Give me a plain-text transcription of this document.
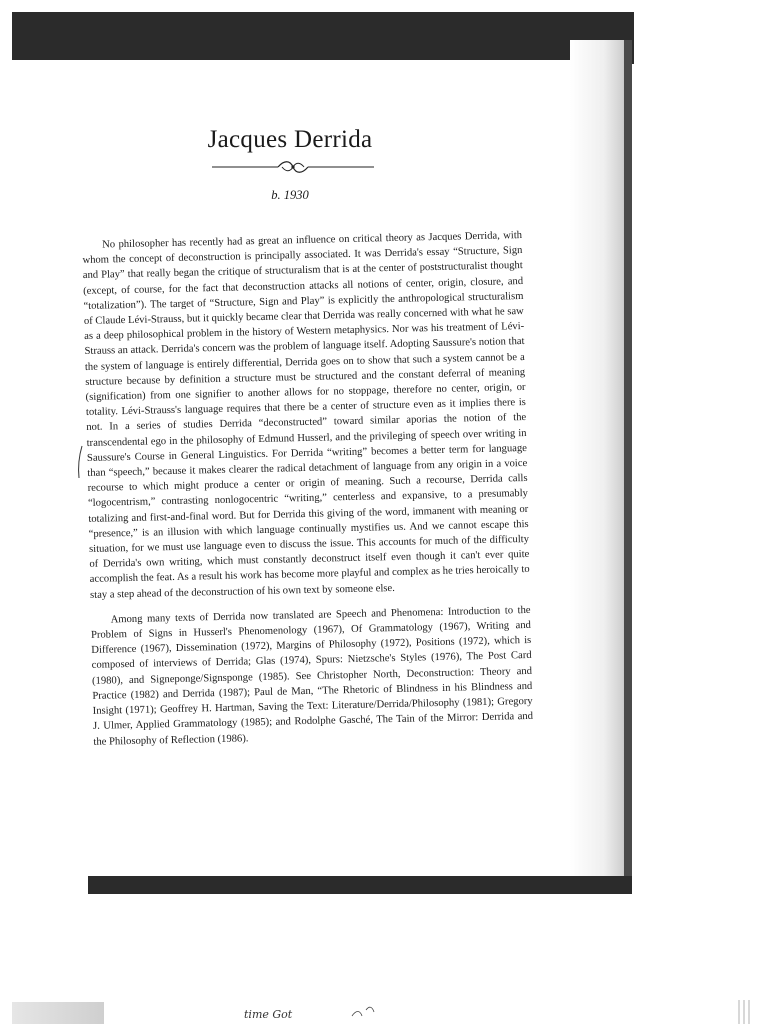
Jacques Derrida
b. 1930

No philosopher has recently had as great an influence on critical theory as Jacques Derrida, with whom the concept of deconstruction is principally associated. It was Derrida's essay “Structure, Sign and Play” that really began the critique of structuralism that is at the center of poststructuralist thought (except, of course, for the fact that deconstruction attacks all notions of center, origin, closure, and “totalization”). The target of “Structure, Sign and Play” is explicitly the anthropological structuralism of Claude Lévi-Strauss, but it quickly became clear that Derrida was really concerned with what he saw as a deep philosophical problem in the history of Western metaphysics. Nor was his treatment of Lévi-Strauss an attack. Derrida's concern was the problem of language itself. Adopting Saussure's notion that the system of language is entirely differential, Derrida goes on to show that such a system cannot be a structure because by definition a structure must be structured and the constant deferral of meaning (signification) from one signifier to another allows for no stoppage, therefore no center, origin, or totality. Lévi-Strauss's language requires that there be a center of structure even as it implies there is not. In a series of studies Derrida “deconstructed” toward similar aporias the notion of the transcendental ego in the philosophy of Edmund Husserl, and the privileging of speech over writing in Saussure's Course in General Linguistics. For Derrida “writing” becomes a better term for language than “speech,” because it makes clearer the radical detachment of language from any origin in a voice recourse to which might produce a center or origin of meaning. Such a recourse, Derrida calls “logocentrism,” contrasting nonlogocentric “writing,” centerless and expansive, to a presumably totalizing and first-and-final word. But for Derrida this giving of the word, immanent with meaning or “presence,” is an illusion with which language continually mystifies us. And we cannot escape this situation, for we must use language even to discuss the issue. This accounts for much of the difficulty of Derrida's own writing, which must constantly deconstruct itself even though it can't ever quite accomplish the feat. As a result his work has become more playful and complex as he tries heroically to stay a step ahead of the deconstruction of his own text by someone else.

Among many texts of Derrida now translated are Speech and Phenomena: Introduction to the Problem of Signs in Husserl's Phenomenology (1967), Of Grammatology (1967), Writing and Difference (1967), Dissemination (1972), Margins of Philosophy (1972), Positions (1972), which is composed of interviews of Derrida; Glas (1974), Spurs: Nietzsche's Styles (1976), The Post Card (1980), and Signeponge/Signsponge (1985). See Christopher North, Deconstruction: Theory and Practice (1982) and Derrida (1987); Paul de Man, “The Rhetoric of Blindness in his Blindness and Insight (1971); Geoffrey H. Hartman, Saving the Text: Literature/Derrida/Philosophy (1981); Gregory J. Ulmer, Applied Grammatology (1985); and Rodolphe Gasché, The Tain of the Mirror: Derrida and the Philosophy of Reflection (1986).

time Got
